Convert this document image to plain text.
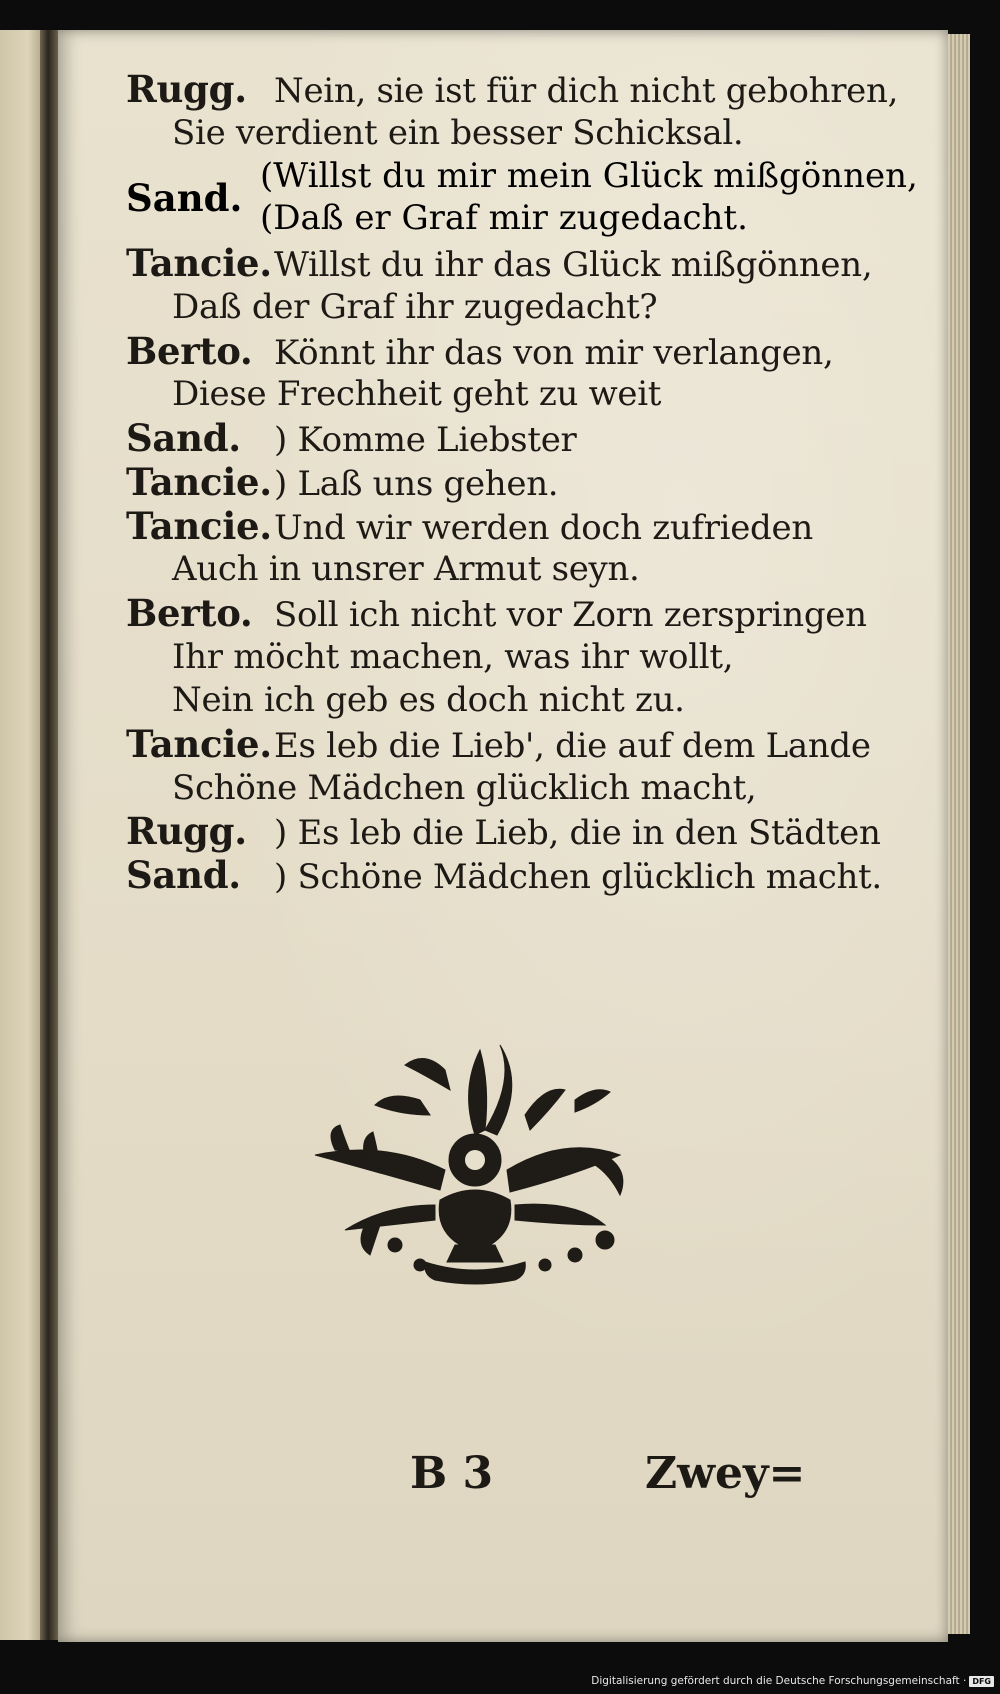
Rugg. Nein, sie ist für dich nicht gebohren,
Sie verdient ein besser Schicksal.
Sand. (Willst du mir mein Glück mißgönnen,
(Daß er Graf mir zugedacht.
Tancie.Willst du ihr das Glück mißgönnen,
Daß der Graf ihr zugedacht?
Berto. Könnt ihr das von mir verlangen,
Diese Frechheit geht zu weit
Sand. ) Komme Liebster
Tancie.) Laß uns gehen.
Tancie.Und wir werden doch zufrieden
Auch in unsrer Armut seyn.
Berto. Soll ich nicht vor Zorn zerspringen
Ihr möcht machen, was ihr wollt,
Nein ich geb es doch nicht zu.
Tancie.Es leb die Lieb', die auf dem Lande
Schöne Mädchen glücklich macht,
Rugg. ) Es leb die Lieb, die in den Städten
Sand. ) Schöne Mädchen glücklich macht.
B 3	Zwey=
Digitalisierung gefördert durch die Deutsche Forschungsgemeinschaft · DFG
